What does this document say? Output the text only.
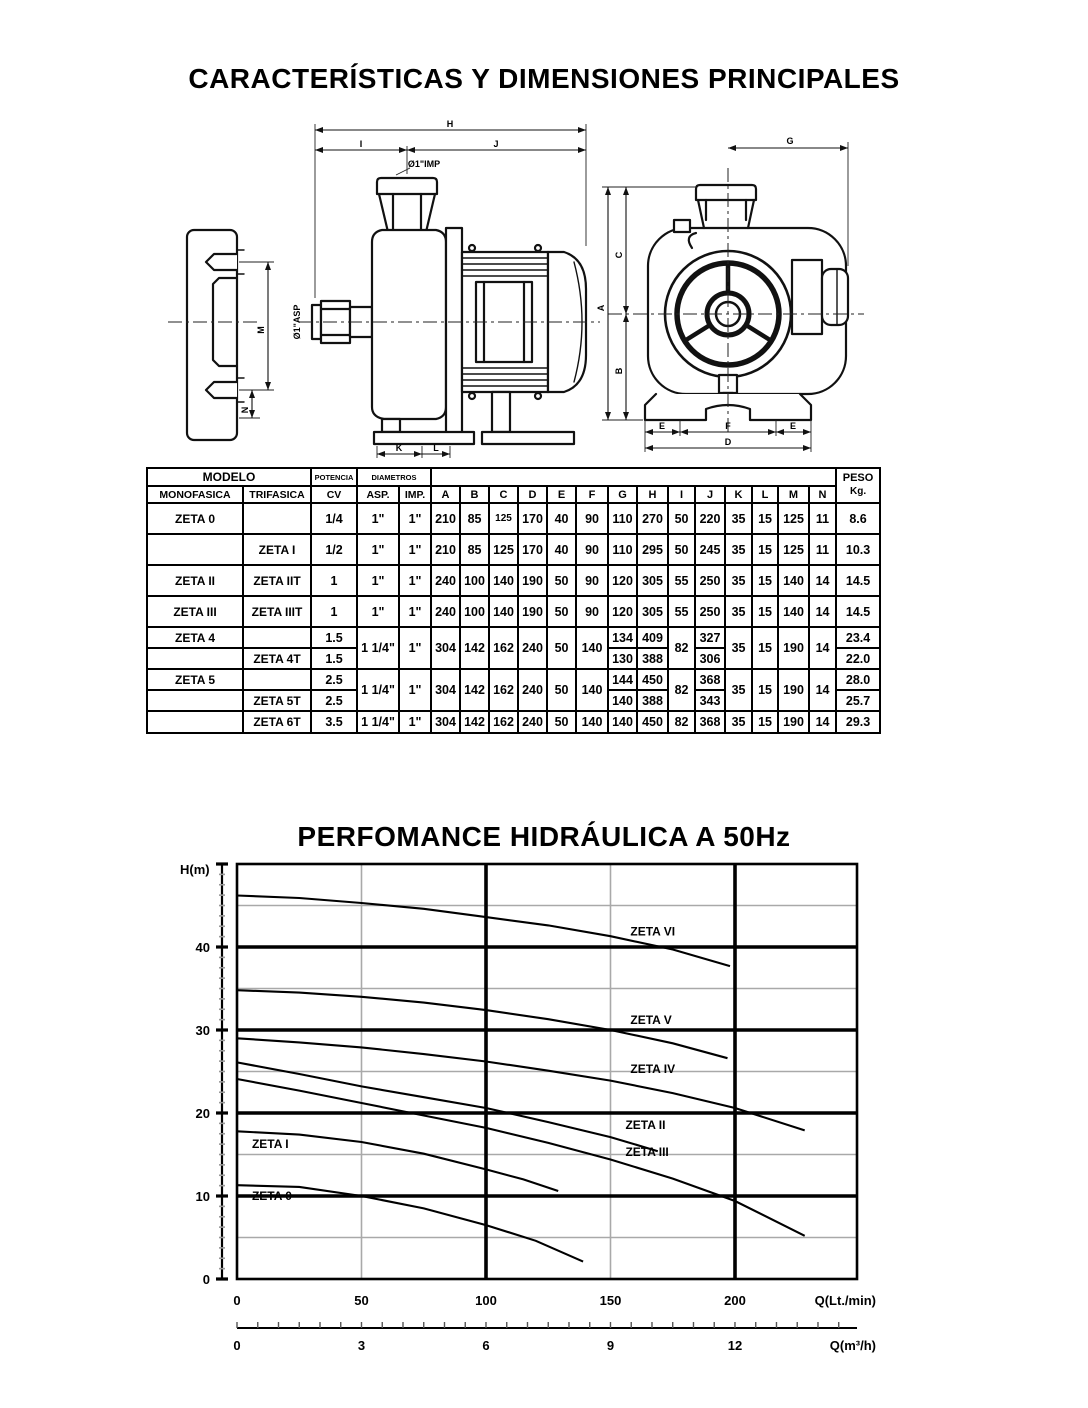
CARACTERÍSTICAS Y DIMENSIONES PRINCIPALES
H
I	J
Ø1"IMP
Ø1"ASP
K	L
M
N
A
C
B
G
E	F	E
D
MODELO		POTENCIA	DIAMETROS																PESO
Kg.

MONOFASICA	TRIFASICA	CV	ASP.	IMP.	A	B	C	D	E	F	G	H	I	J	K	L	M	N	
ZETA 0		1/4	1"	1"	210	85	125	170	40	90	110	270	50	220	35	15	125	11	8.6
	ZETA I	1/2	1"	1"	210	85	125	170	40	90	110	295	50	245	35	15	125	11	10.3
ZETA II	ZETA IIT	1	1"	1"	240	100	140	190	50	90	120	305	55	250	35	15	140	14	14.5
ZETA III	ZETA IIIT	1	1"	1"	240	100	140	190	50	90	120	305	55	250	35	15	140	14	14.5
ZETA 4		1.5	1 1/4"	1"	304	142	162	240	50	140	134	409	82	327	35	15	190	14	23.4
	ZETA 4T	1.5									130	388		306					22.0
ZETA 5		2.5	1 1/4"	1"	304	142	162	240	50	140	144	450	82	368	35	15	190	14	28.0
	ZETA 5T	2.5									140	388		343					25.7
	ZETA 6T	3.5	1 1/4"	1"	304	142	162	240	50	140	140	450	82	368	35	15	190	14	29.3
PERFOMANCE HIDRÁULICA A 50Hz
0
10
20
30
40
H(m)
0	50	100	150	200	Q(Lt./min)
0	3	6	9	12	Q(m³/h)
ZETA VI
ZETA V
ZETA IV
ZETA II
ZETA III
ZETA I
ZETA 0
